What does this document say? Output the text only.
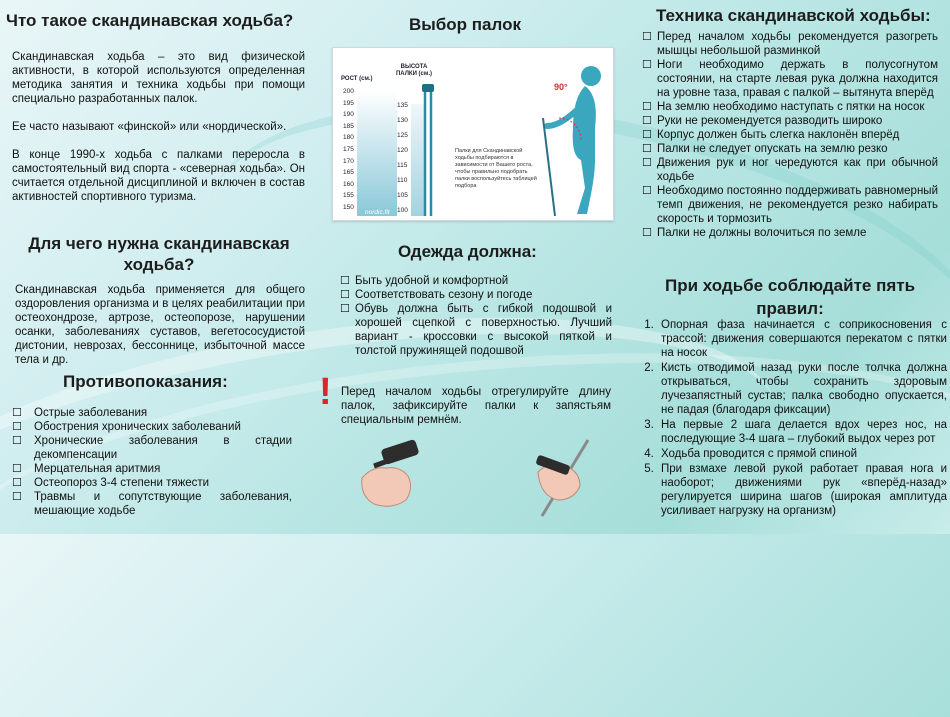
Что такое скандинавская ходьба?

Скандинавская ходьба – это вид физической активности, в которой используются определенная методика занятия и техника ходьбы при помощи специально разработанных палок.

Ее часто называют «финской» или «нордической».

В конце 1990-х ходьба с палками переросла в самостоятельный вид спорта - «северная ходьба». Он считается отдельной дисциплиной и включен в состав активностей спортивного туризма.

Для чего нужна скандинавская ходьба?

Скандинавская ходьба применяется для общего оздоровления организма и в целях реабилитации при остеохондрозе, артрозе, остеопорозе, нарушении осанки, заболеваниях суставов, вегетососудистой дистонии, неврозах, бессоннице, избыточной массе тела и др.

Противопоказания:
☐ Острые заболевания
☐ Обострения хронических заболеваний
☐ Хронические заболевания в стадии декомпенсации
☐ Мерцательная аритмия
☐ Остеопороз 3-4 степени тяжести
☐ Травмы и сопутствующие заболевания, мешающие ходьбе
Выбор палок
РОСТ (см.)
ВЫСОТА ПАЛКИ (см.)
200
195
190
185
180
175
170
165
160
155
150
135
130
125
120
115
110
105
100
90°
Палки для Скандинавской ходьбы подбираются в зависимости от Вашего роста, чтобы правильно подобрать палки воспользуйтесь таблицей подбора
nordic.fit
Одежда должна:
☐ Быть удобной и комфортной
☐ Соответствовать сезону и погоде
☐ Обувь должна быть с гибкой подошвой и хорошей сцепкой с поверхностью. Лучший вариант - кроссовки с высокой пяткой и толстой пружинящей подошвой
! Перед началом ходьбы отрегулируйте длину палок, зафиксируйте палки к запястьям специальным ремнём.

Техника скандинавской ходьбы:
☐ Перед началом ходьбы рекомендуется разогреть мышцы небольшой разминкой
☐ Ноги необходимо держать в полусогнутом состоянии, на старте левая рука должна находится на уровне таза, правая с палкой – вытянута вперёд
☐ На землю необходимо наступать с пятки на носок
☐ Руки не рекомендуется разводить широко
☐ Корпус должен быть слегка наклонён вперёд
☐ Палки не следует опускать на землю резко
☐ Движения рук и ног чередуются как при обычной ходьбе
☐ Необходимо постоянно поддерживать равномерный темп движения, не рекомендуется резко набирать скорость и тормозить
☐ Палки не должны волочиться по земле
При ходьбе соблюдайте пять правил:
1. Опорная фаза начинается с соприкосновения с трассой: движения совершаются перекатом с пятки на носок
2. Кисть отводимой назад руки после толчка должна открываться, чтобы сохранить здоровым лучезапястный сустав; палка свободно опускается, не падая (благодаря фиксации)
3. На первые 2 шага делается вдох через нос, на последующие 3-4 шага – глубокий выдох через рот
4. Ходьба проводится с прямой спиной
5. При взмахе левой рукой работает правая нога и наоборот; движениями рук «вперёд-назад» регулируется ширина шагов (широкая амплитуда усиливает нагрузку на организм)
